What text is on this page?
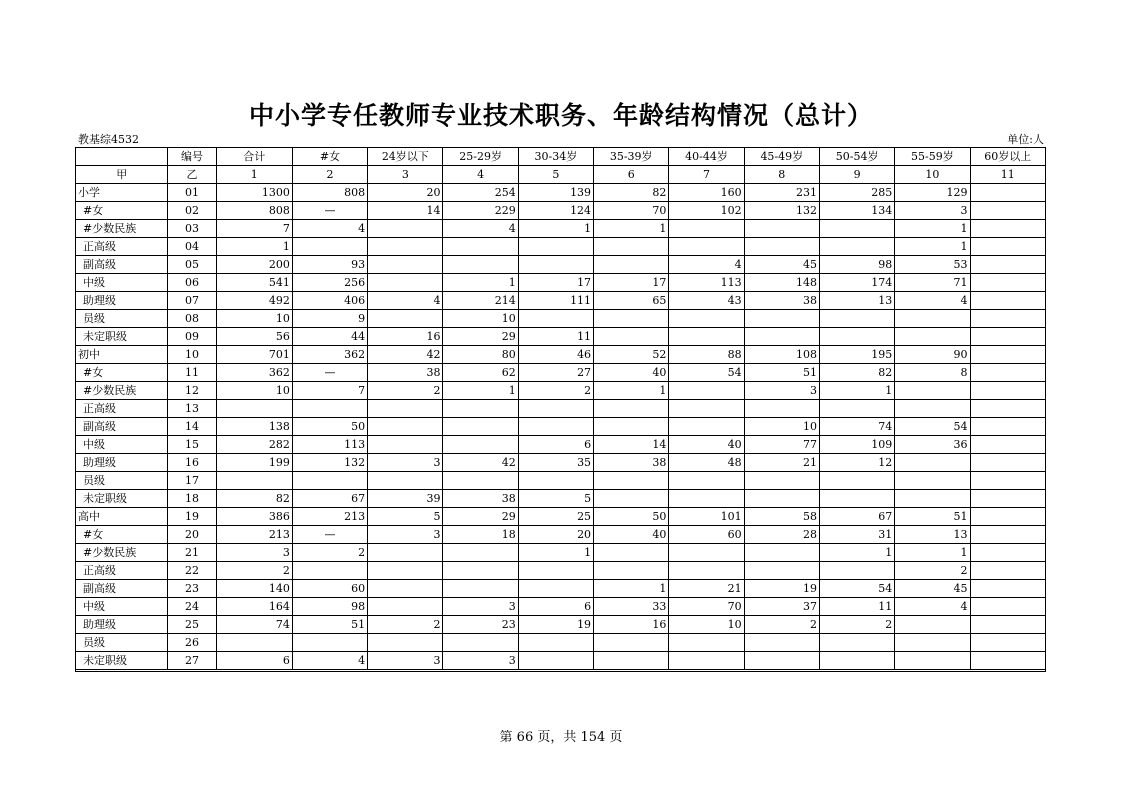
中小学专任教师专业技术职务、年龄结构情况（总计）
教基综4532	单位:人
	编号	合计	#女	24岁以下	25-29岁	30-34岁	35-39岁	40-44岁	45-49岁	50-54岁	55-59岁	60岁以上
甲	乙	1	2	3	4	5	6	7	8	9	10	11
小学	01	1300	808	20	254	139	82	160	231	285	129	
#女	02	808	—	14	229	124	70	102	132	134	3	
#少数民族	03	7	4		4	1	1				1	
正高级	04	1									1	
副高级	05	200	93					4	45	98	53	
中级	06	541	256		1	17	17	113	148	174	71	
助理级	07	492	406	4	214	111	65	43	38	13	4	
员级	08	10	9		10							
未定职级	09	56	44	16	29	11						
初中	10	701	362	42	80	46	52	88	108	195	90	
#女	11	362	—	38	62	27	40	54	51	82	8	
#少数民族	12	10	7	2	1	2	1		3	1		
正高级	13											
副高级	14	138	50						10	74	54	
中级	15	282	113			6	14	40	77	109	36	
助理级	16	199	132	3	42	35	38	48	21	12		
员级	17											
未定职级	18	82	67	39	38	5						
高中	19	386	213	5	29	25	50	101	58	67	51	
#女	20	213	—	3	18	20	40	60	28	31	13	
#少数民族	21	3	2			1				1	1	
正高级	22	2									2	
副高级	23	140	60				1	21	19	54	45	
中级	24	164	98		3	6	33	70	37	11	4	
助理级	25	74	51	2	23	19	16	10	2	2		
员级	26											
未定职级	27	6	4	3	3							
第 66 页，共 154 页
